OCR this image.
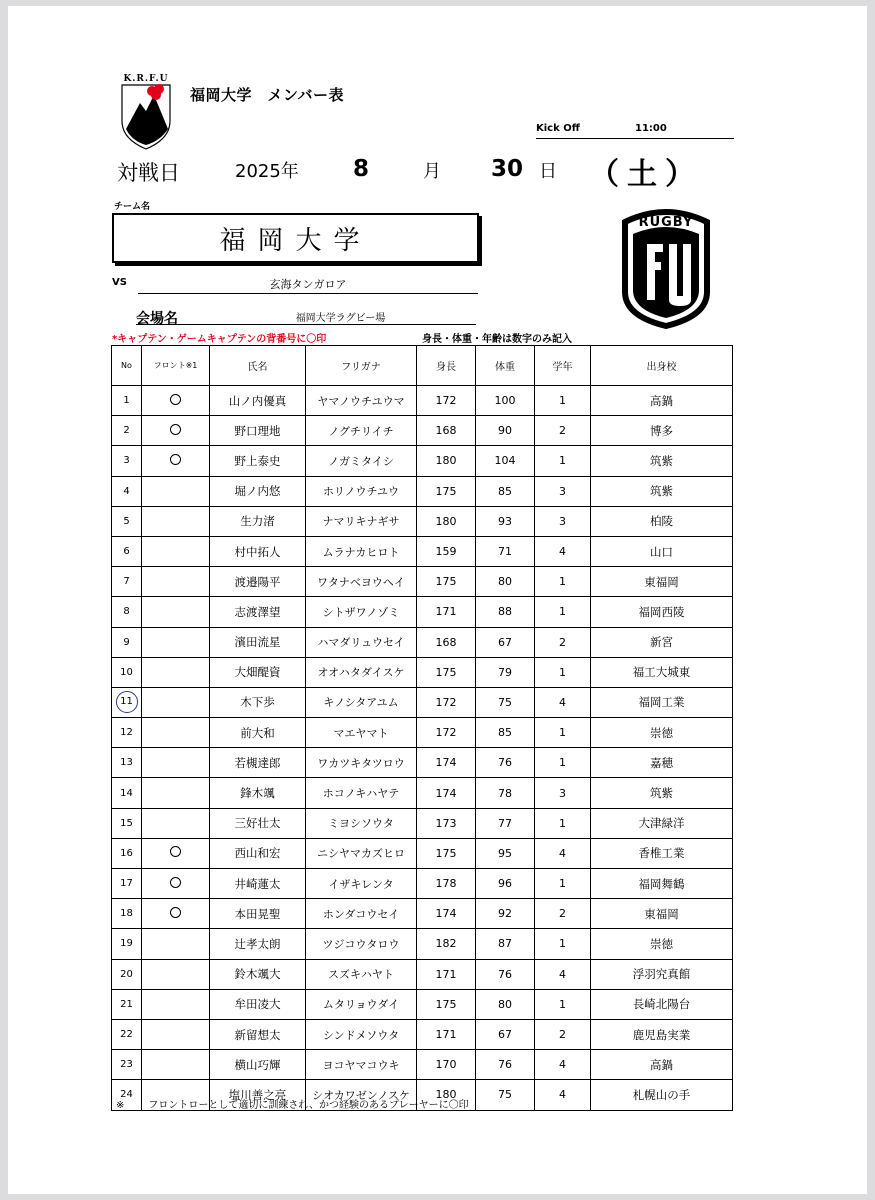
K.R.F.U
福岡大学　メンバー表
Kick Off	11:00
対戦日	2025年 8	月 30 日 （土）
チーム名
福岡大学
VS	玄海タンガロア
会場名	福岡大学ラグビー場
*キャプテン・ゲームキャプテンの背番号に〇印	身長・体重・年齢は数字のみ記入
RUGBY
No	フロント※1	氏名	フリガナ	身長	体重	学年	出身校
1		山ノ内優真	ヤマノウチユウマ	172	100	1	高鍋
2		野口理地	ノグチリイチ	168	90	2	博多
3		野上泰史	ノガミタイシ	180	104	1	筑紫
4		堀ノ内悠	ホリノウチユウ	175	85	3	筑紫
5		生力渚	ナマリキナギサ	180	93	3	柏陵
6		村中拓人	ムラナカヒロト	159	71	4	山口
7		渡邉陽平	ワタナベヨウヘイ	175	80	1	東福岡
8		志渡澤望	シトザワノゾミ	171	88	1	福岡西陵
9		濱田流星	ハマダリュウセイ	168	67	2	新宮
10		大畑醍資	オオハタダイスケ	175	79	1	福工大城東
11		木下歩	キノシタアユム	172	75	4	福岡工業
12		前大和	マエヤマト	172	85	1	崇徳
13		若槻達郎	ワカツキタツロウ	174	76	1	嘉穂
14		鋒木颯	ホコノキハヤテ	174	78	3	筑紫
15		三好壮太	ミヨシソウタ	173	77	1	大津緑洋
16		西山和宏	ニシヤマカズヒロ	175	95	4	香椎工業
17		井崎蓮太	イザキレンタ	178	96	1	福岡舞鶴
18		本田晃聖	ホンダコウセイ	174	92	2	東福岡
19		辻孝太朗	ツジコウタロウ	182	87	1	崇徳
20		鈴木颯大	スズキハヤト	171	76	4	浮羽究真館
21		牟田凌大	ムタリョウダイ	175	80	1	長崎北陽台
22		新留想太	シンドメソウタ	171	67	2	鹿児島実業
23		横山巧輝	ヨコヤマコウキ	170	76	4	高鍋
24		塩川善之亮	シオカワゼンノスケ	180	75	4	札幌山の手
※ フロントローとして適切に訓練され、かつ経験のあるプレーヤーに〇印
